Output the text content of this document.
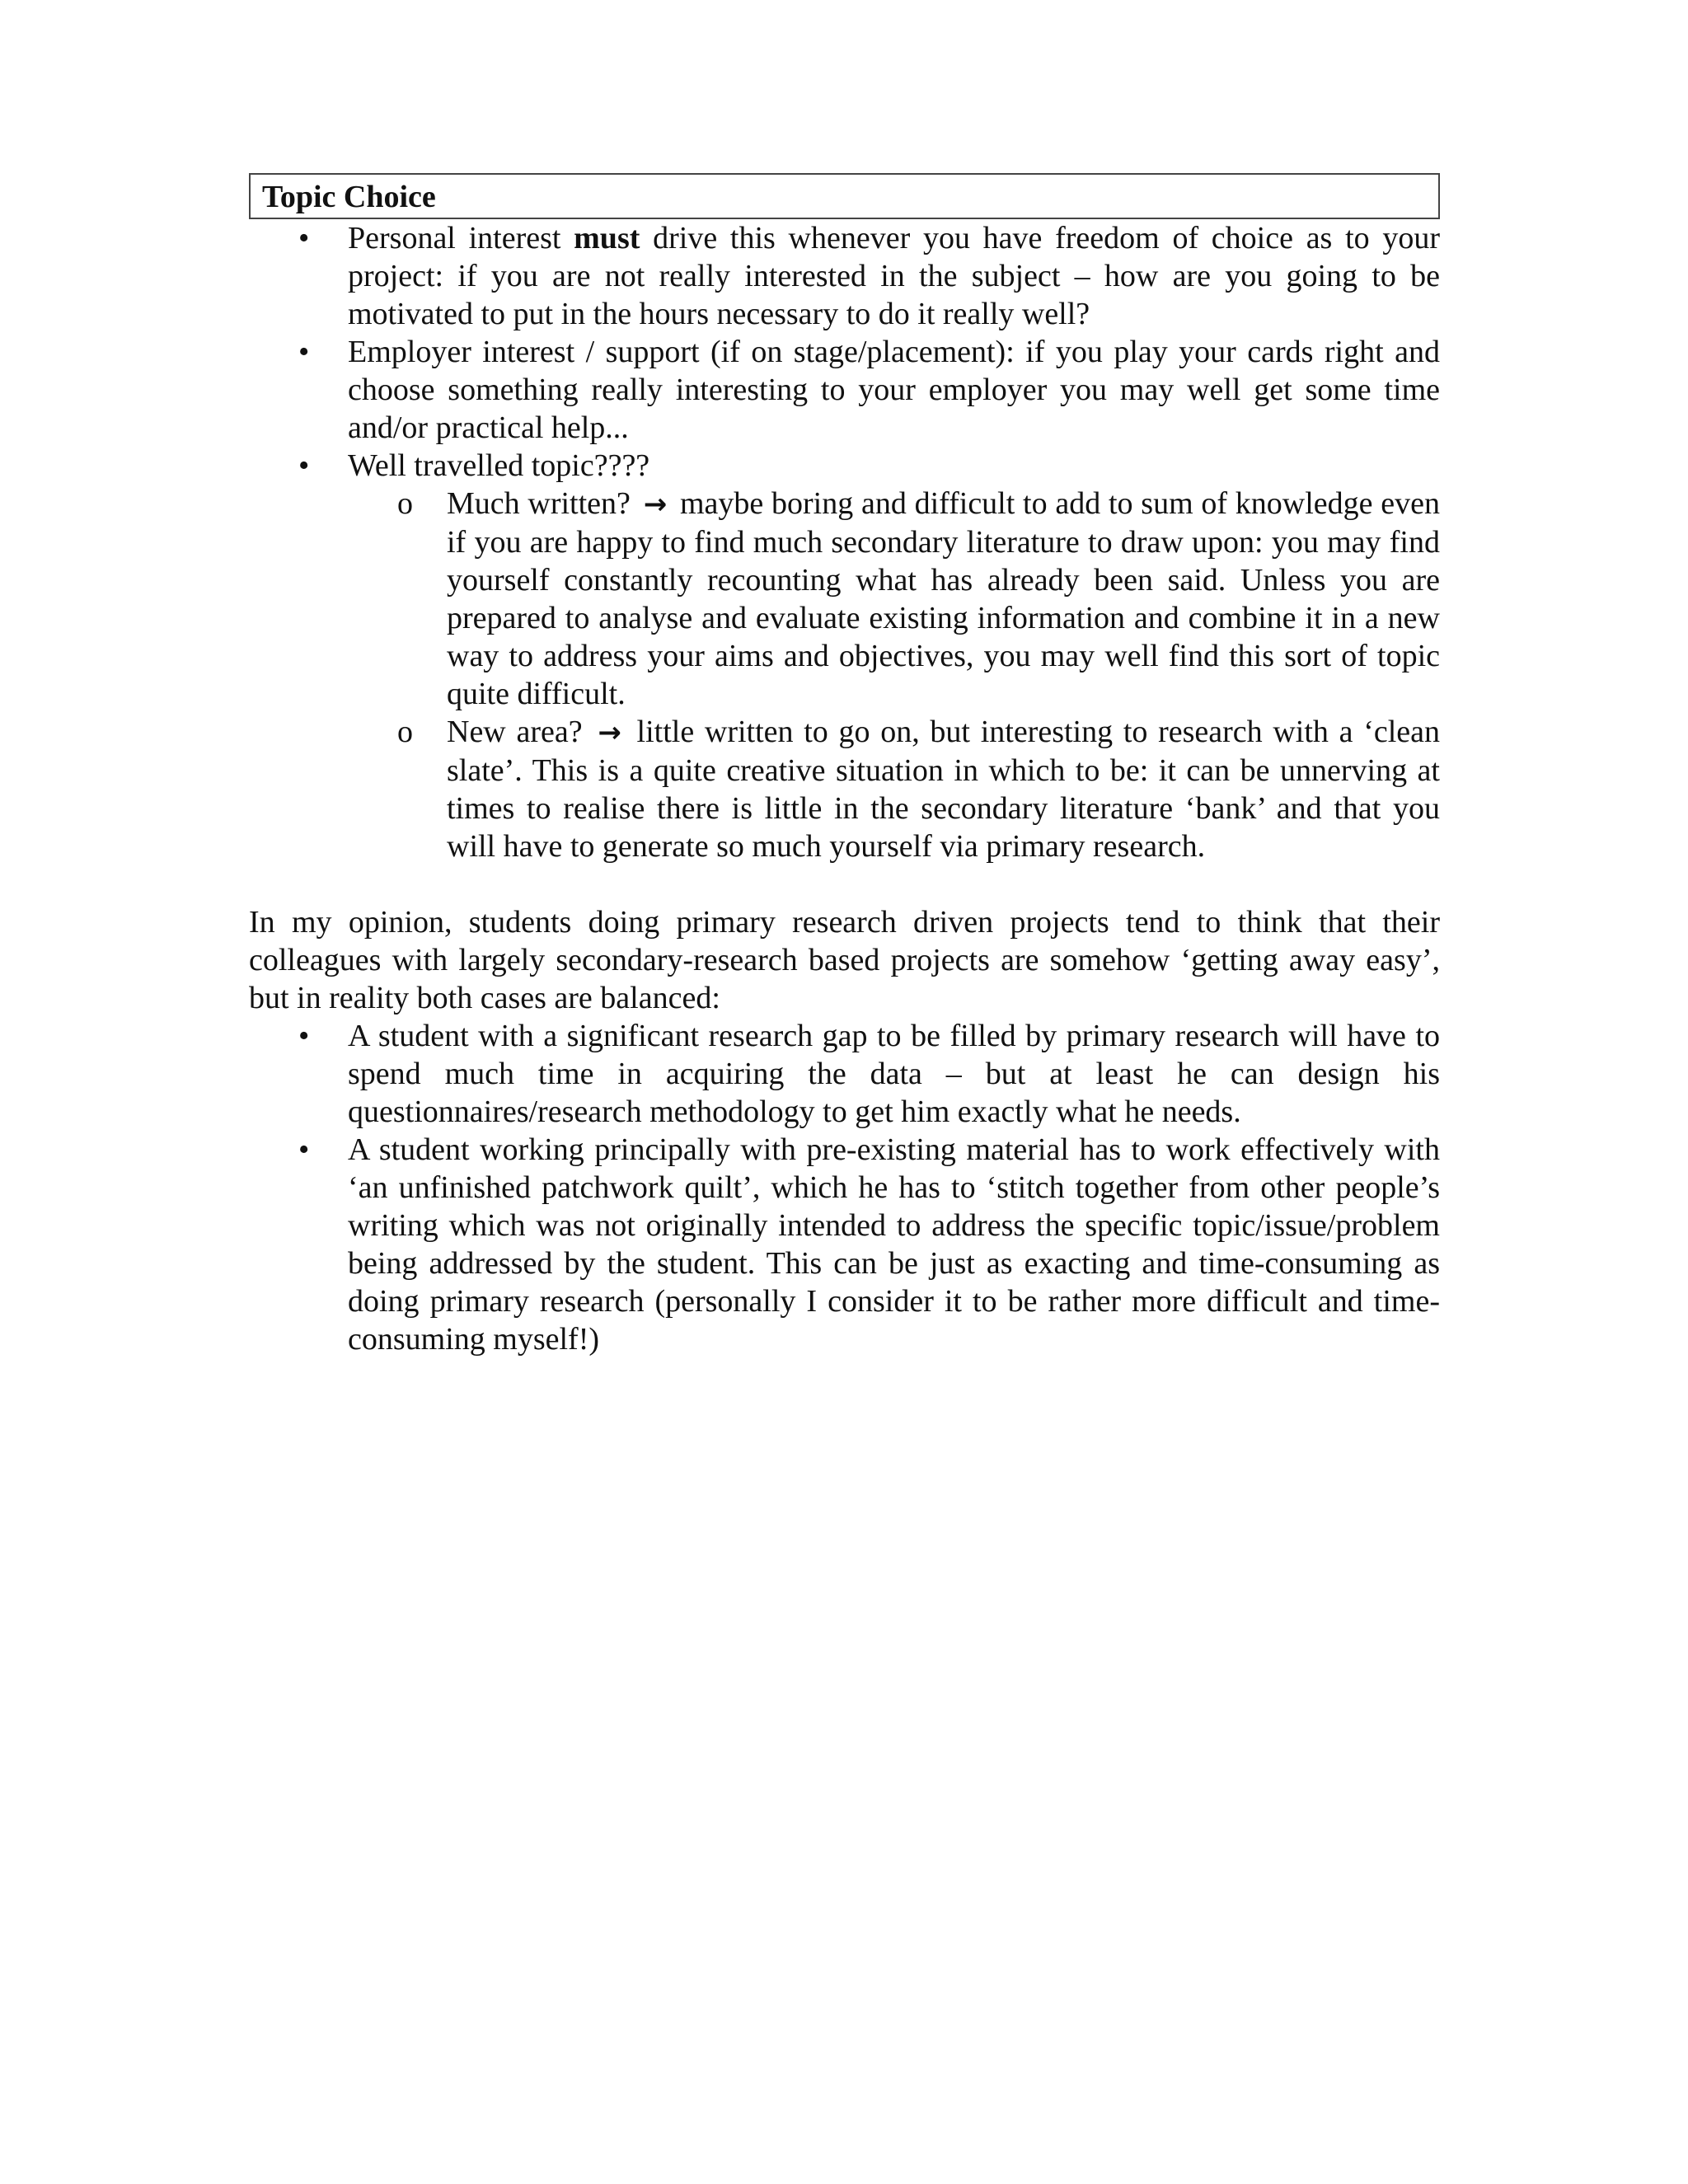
Topic Choice
•	Personal interest must drive this whenever you have freedom of choice as to your project: if you are not really interested in the subject – how are you going to be motivated to put in the hours necessary to do it really well?
•	Employer interest / support (if on stage/placement): if you play your cards right and choose something really interesting to your employer you may well get some time and/or practical help...
•	Well travelled topic????
o Much written? → maybe boring and difficult to add to sum of knowledge even if you are happy to find much secondary literature to draw upon: you may find yourself constantly recounting what has already been said. Unless you are prepared to analyse and evaluate existing information and combine it in a new way to address your aims and objectives, you may well find this sort of topic quite difficult.
o New area? → little written to go on, but interesting to research with a ‘clean slate’. This is a quite creative situation in which to be: it can be unnerving at times to realise there is little in the secondary literature ‘bank’ and that you will have to generate so much yourself via primary research.

In my opinion, students doing primary research driven projects tend to think that their colleagues with largely secondary-research based projects are somehow ‘getting away easy’, but in reality both cases are balanced:

•	A student with a significant research gap to be filled by primary research will have to spend much time in acquiring the data – but at least he can design his questionnaires/research methodology to get him exactly what he needs.
•	A student working principally with pre-existing material has to work effectively with ‘an unfinished patchwork quilt’, which he has to ‘stitch together from other people’s writing which was not originally intended to address the specific topic/issue/problem being addressed by the student. This can be just as exacting and time-consuming as doing primary research (personally I consider it to be rather more difficult and time-consuming myself!)
